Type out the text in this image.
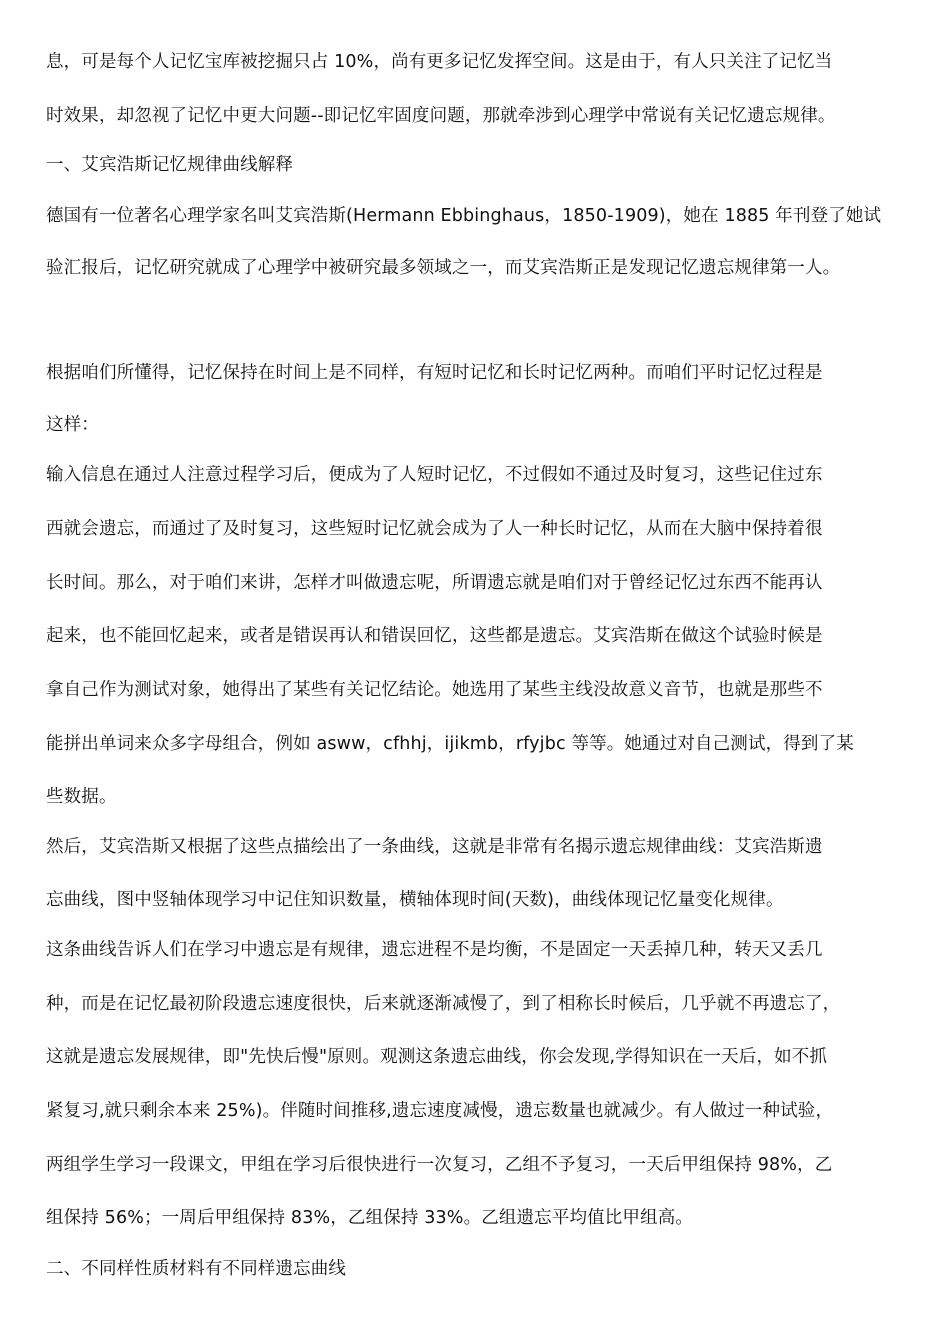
息，可是每个人记忆宝库被挖掘只占 10%，尚有更多记忆发挥空间。这是由于，有人只关注了记忆当
时效果，却忽视了记忆中更大问题--即记忆牢固度问题，那就牵涉到心理学中常说有关记忆遗忘规律。
一、艾宾浩斯记忆规律曲线解释
德国有一位著名心理学家名叫艾宾浩斯(Hermann Ebbinghaus，1850-1909)，她在 1885 年刊登了她试
验汇报后，记忆研究就成了心理学中被研究最多领域之一，而艾宾浩斯正是发现记忆遗忘规律第一人。
根据咱们所懂得，记忆保持在时间上是不同样，有短时记忆和长时记忆两种。而咱们平时记忆过程是
这样：
输入信息在通过人注意过程学习后，便成为了人短时记忆，不过假如不通过及时复习，这些记住过东
西就会遗忘，而通过了及时复习，这些短时记忆就会成为了人一种长时记忆，从而在大脑中保持着很
长时间。那么，对于咱们来讲，怎样才叫做遗忘呢，所谓遗忘就是咱们对于曾经记忆过东西不能再认
起来，也不能回忆起来，或者是错误再认和错误回忆，这些都是遗忘。艾宾浩斯在做这个试验时候是
拿自己作为测试对象，她得出了某些有关记忆结论。她选用了某些主线没故意义音节，也就是那些不
能拼出单词来众多字母组合，例如 asww，cfhhj，ijikmb，rfyjbc 等等。她通过对自己测试，得到了某
些数据。
然后，艾宾浩斯又根据了这些点描绘出了一条曲线，这就是非常有名揭示遗忘规律曲线：艾宾浩斯遗
忘曲线，图中竖轴体现学习中记住知识数量，横轴体现时间(天数)，曲线体现记忆量变化规律。
这条曲线告诉人们在学习中遗忘是有规律，遗忘进程不是均衡，不是固定一天丢掉几种，转天又丢几
种，而是在记忆最初阶段遗忘速度很快，后来就逐渐减慢了，到了相称长时候后，几乎就不再遗忘了，
这就是遗忘发展规律，即"先快后慢"原则。观测这条遗忘曲线，你会发现,学得知识在一天后，如不抓
紧复习,就只剩余本来 25%)。伴随时间推移,遗忘速度减慢，遗忘数量也就减少。有人做过一种试验，
两组学生学习一段课文，甲组在学习后很快进行一次复习，乙组不予复习，一天后甲组保持 98%，乙
组保持 56%；一周后甲组保持 83%，乙组保持 33%。乙组遗忘平均值比甲组高。
二、不同样性质材料有不同样遗忘曲线
